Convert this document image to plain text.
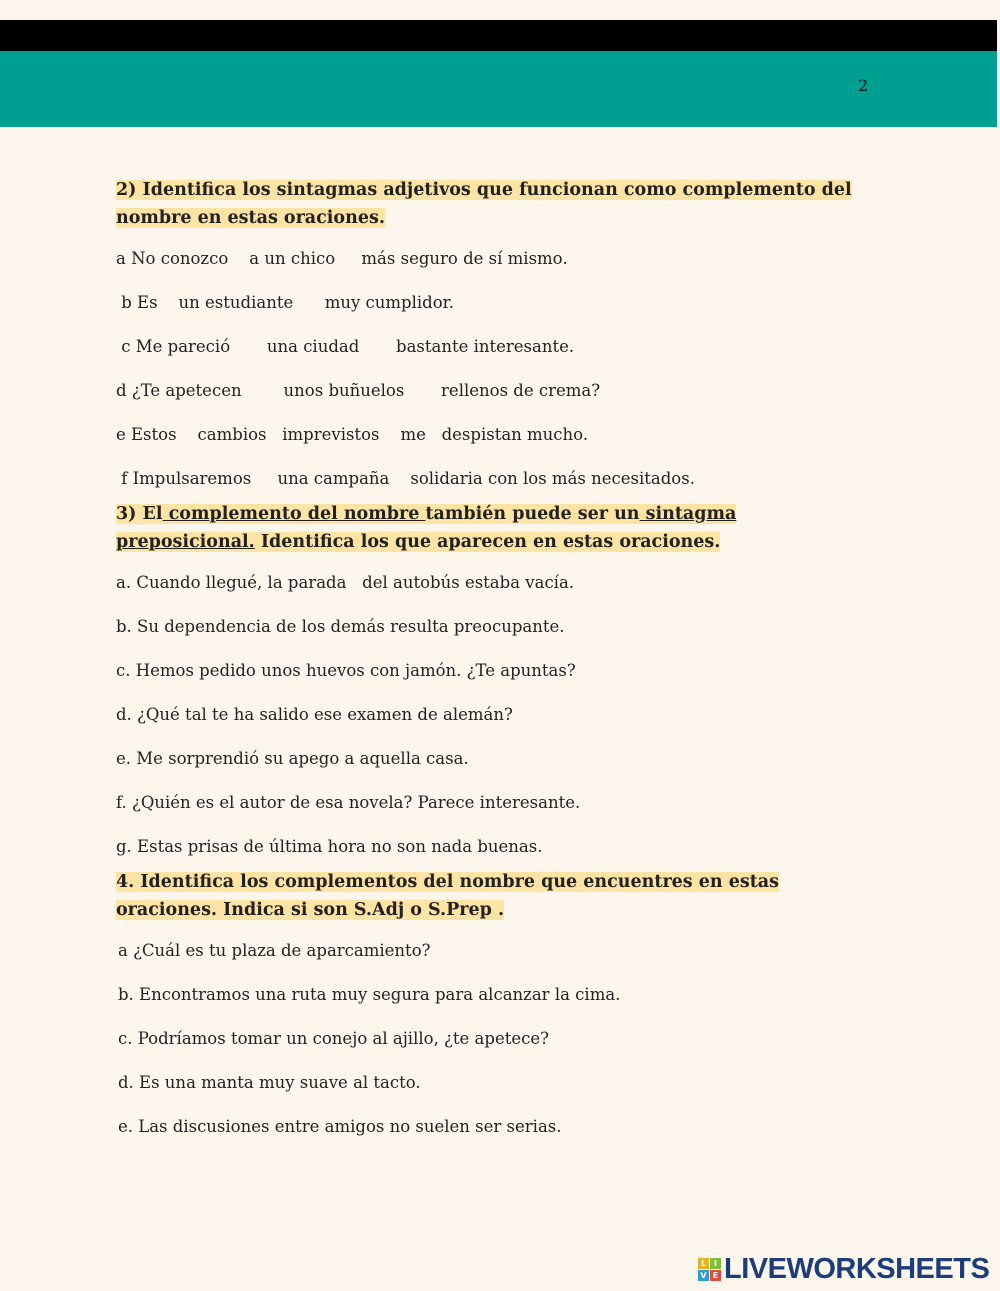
2

2) Identifica los sintagmas adjetivos que funcionan como complemento del nombre en estas oraciones.

a No conozco    a un chico     más seguro de sí mismo.
b Es    un estudiante      muy cumplidor.
c Me pareció       una ciudad       bastante interesante.
d ¿Te apetecen        unos buñuelos       rellenos de crema?
e Estos    cambios   imprevistos    me   despistan mucho.
f Impulsaremos     una campaña    solidaria con los más necesitados.

3) El complemento del nombre también puede ser un sintagma preposicional. Identifica los que aparecen en estas oraciones.

a. Cuando llegué, la parada   del autobús estaba vacía.
b. Su dependencia de los demás resulta preocupante.
c. Hemos pedido unos huevos con jamón. ¿Te apuntas?
d. ¿Qué tal te ha salido ese examen de alemán?
e. Me sorprendió su apego a aquella casa.
f. ¿Quién es el autor de esa novela? Parece interesante.
g. Estas prisas de última hora no son nada buenas.

4. Identifica los complementos del nombre que encuentres en estas oraciones. Indica si son S.Adj o S.Prep .

a ¿Cuál es tu plaza de aparcamiento?
b. Encontramos una ruta muy segura para alcanzar la cima.
c. Podríamos tomar un conejo al ajillo, ¿te apetece?
d. Es una manta muy suave al tacto.
e. Las discusiones entre amigos no suelen ser serias.
L I
V E LIVEWORKSHEETS
